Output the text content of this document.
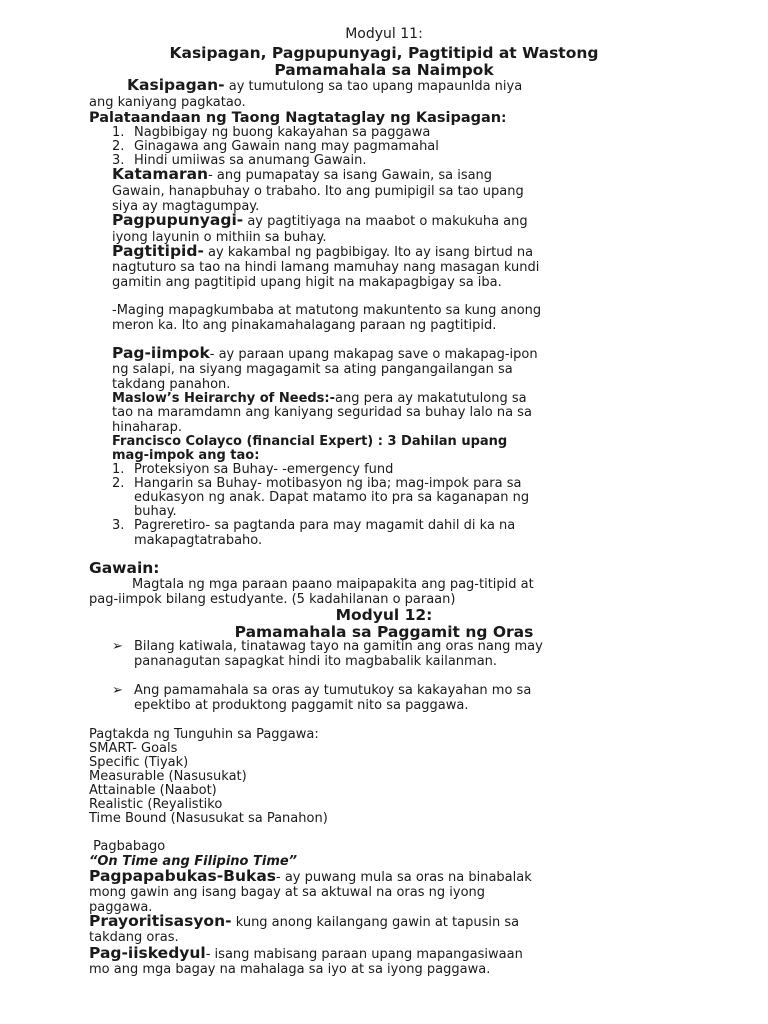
Modyul 11:
Kasipagan, Pagpupunyagi, Pagtitipid at Wastong
Pamamahala sa Naimpok
Kasipagan- ay tumutulong sa tao upang mapaunlda niya
ang kaniyang pagkatao.
Palataandaan ng Taong Nagtataglay ng Kasipagan:
1. Nagbibigay ng buong kakayahan sa paggawa
2. Ginagawa ang Gawain nang may pagmamahal
3. Hindi umiiwas sa anumang Gawain.
Katamaran- ang pumapatay sa isang Gawain, sa isang
Gawain, hanapbuhay o trabaho. Ito ang pumipigil sa tao upang
siya ay magtagumpay.
Pagpupunyagi- ay pagtitiyaga na maabot o makukuha ang
iyong layunin o mithiin sa buhay.
Pagtitipid- ay kakambal ng pagbibigay. Ito ay isang birtud na
nagtuturo sa tao na hindi lamang mamuhay nang masagan kundi
gamitin ang pagtitipid upang higit na makapagbigay sa iba.
-Maging mapagkumbaba at matutong makuntento sa kung anong
meron ka. Ito ang pinakamahalagang paraan ng pagtitipid.
Pag-iimpok- ay paraan upang makapag save o makapag-ipon
ng salapi, na siyang magagamit sa ating pangangailangan sa
takdang panahon.
Maslow’s Heirarchy of Needs:-ang pera ay makatutulong sa
tao na maramdamn ang kaniyang seguridad sa buhay lalo na sa
hinaharap.
Francisco Colayco (financial Expert) : 3 Dahilan upang
mag-impok ang tao:
1. Proteksiyon sa Buhay- -emergency fund
2. Hangarin sa Buhay- motibasyon ng iba; mag-impok para sa
edukasyon ng anak. Dapat matamo ito pra sa kaganapan ng
buhay.
3. Pagreretiro- sa pagtanda para may magamit dahil di ka na
makapagtatrabaho.
Gawain:
Magtala ng mga paraan paano maipapakita ang pag-titipid at
pag-iimpok bilang estudyante. (5 kadahilanan o paraan)
Modyul 12:
Pamamahala sa Paggamit ng Oras
➢ Bilang katiwala, tinatawag tayo na gamitin ang oras nang may
pananagutan sapagkat hindi ito magbabalik kailanman.
➢ Ang pamamahala sa oras ay tumutukoy sa kakayahan mo sa
epektibo at produktong paggamit nito sa paggawa.
Pagtakda ng Tunguhin sa Paggawa:
SMART- Goals
Specific (Tiyak)
Measurable (Nasusukat)
Attainable (Naabot)
Realistic (Reyalistiko
Time Bound (Nasusukat sa Panahon)
Pagbabago
“On Time ang Filipino Time”
Pagpapabukas-Bukas- ay puwang mula sa oras na binabalak
mong gawin ang isang bagay at sa aktuwal na oras ng iyong
paggawa.
Prayoritisasyon- kung anong kailangang gawin at tapusin sa
takdang oras.
Pag-iiskedyul- isang mabisang paraan upang mapangasiwaan
mo ang mga bagay na mahalaga sa iyo at sa iyong paggawa.
